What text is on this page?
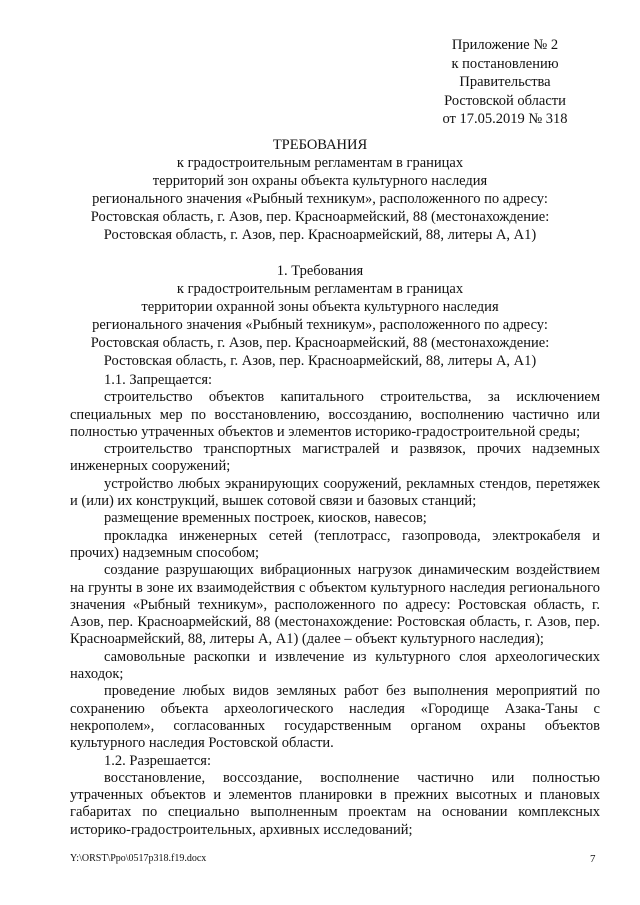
Приложение № 2
к постановлению
Правительства
Ростовской области
от 17.05.2019 № 318
ТРЕБОВАНИЯ
к градостроительным регламентам в границах
территорий зон охраны объекта культурного наследия
регионального значения «Рыбный техникум», расположенного по адресу:
Ростовская область, г. Азов, пер. Красноармейский, 88 (местонахождение:
Ростовская область, г. Азов, пер. Красноармейский, 88, литеры А, А1)
1. Требования
к градостроительным регламентам в границах
территории охранной зоны объекта культурного наследия
регионального значения «Рыбный техникум», расположенного по адресу:
Ростовская область, г. Азов, пер. Красноармейский, 88 (местонахождение:
Ростовская область, г. Азов, пер. Красноармейский, 88, литеры А, А1)

1.1. Запрещается:

строительство объектов капитального строительства, за исключением специальных мер по восстановлению, воссозданию, восполнению частично или полностью утраченных объектов и элементов историко-градостроительной среды;

строительство транспортных магистралей и развязок, прочих надземных инженерных сооружений;

устройство любых экранирующих сооружений, рекламных стендов, перетяжек и (или) их конструкций, вышек сотовой связи и базовых станций;

размещение временных построек, киосков, навесов;

прокладка инженерных сетей (теплотрасс, газопровода, электрокабеля и прочих) надземным способом;

создание разрушающих вибрационных нагрузок динамическим воздействием на грунты в зоне их взаимодействия с объектом культурного наследия регионального значения «Рыбный техникум», расположенного по адресу: Ростовская область, г. Азов, пер. Красноармейский, 88 (местонахождение: Ростовская область, г. Азов, пер. Красноармейский, 88, литеры А, А1) (далее – объект культурного наследия);

самовольные раскопки и извлечение из культурного слоя археологических находок;

проведение любых видов земляных работ без выполнения мероприятий по сохранению объекта археологического наследия «Городище Азака-Таны с некрополем», согласованных государственным органом охраны объектов культурного наследия Ростовской области.

1.2. Разрешается:

восстановление, воссоздание, восполнение частично или полностью утраченных объектов и элементов планировки в прежних высотных и плановых габаритах по специально выполненным проектам на основании комплексных историко-градостроительных, архивных исследований;

Y:\ORST\Ppo\0517p318.f19.docx	7
